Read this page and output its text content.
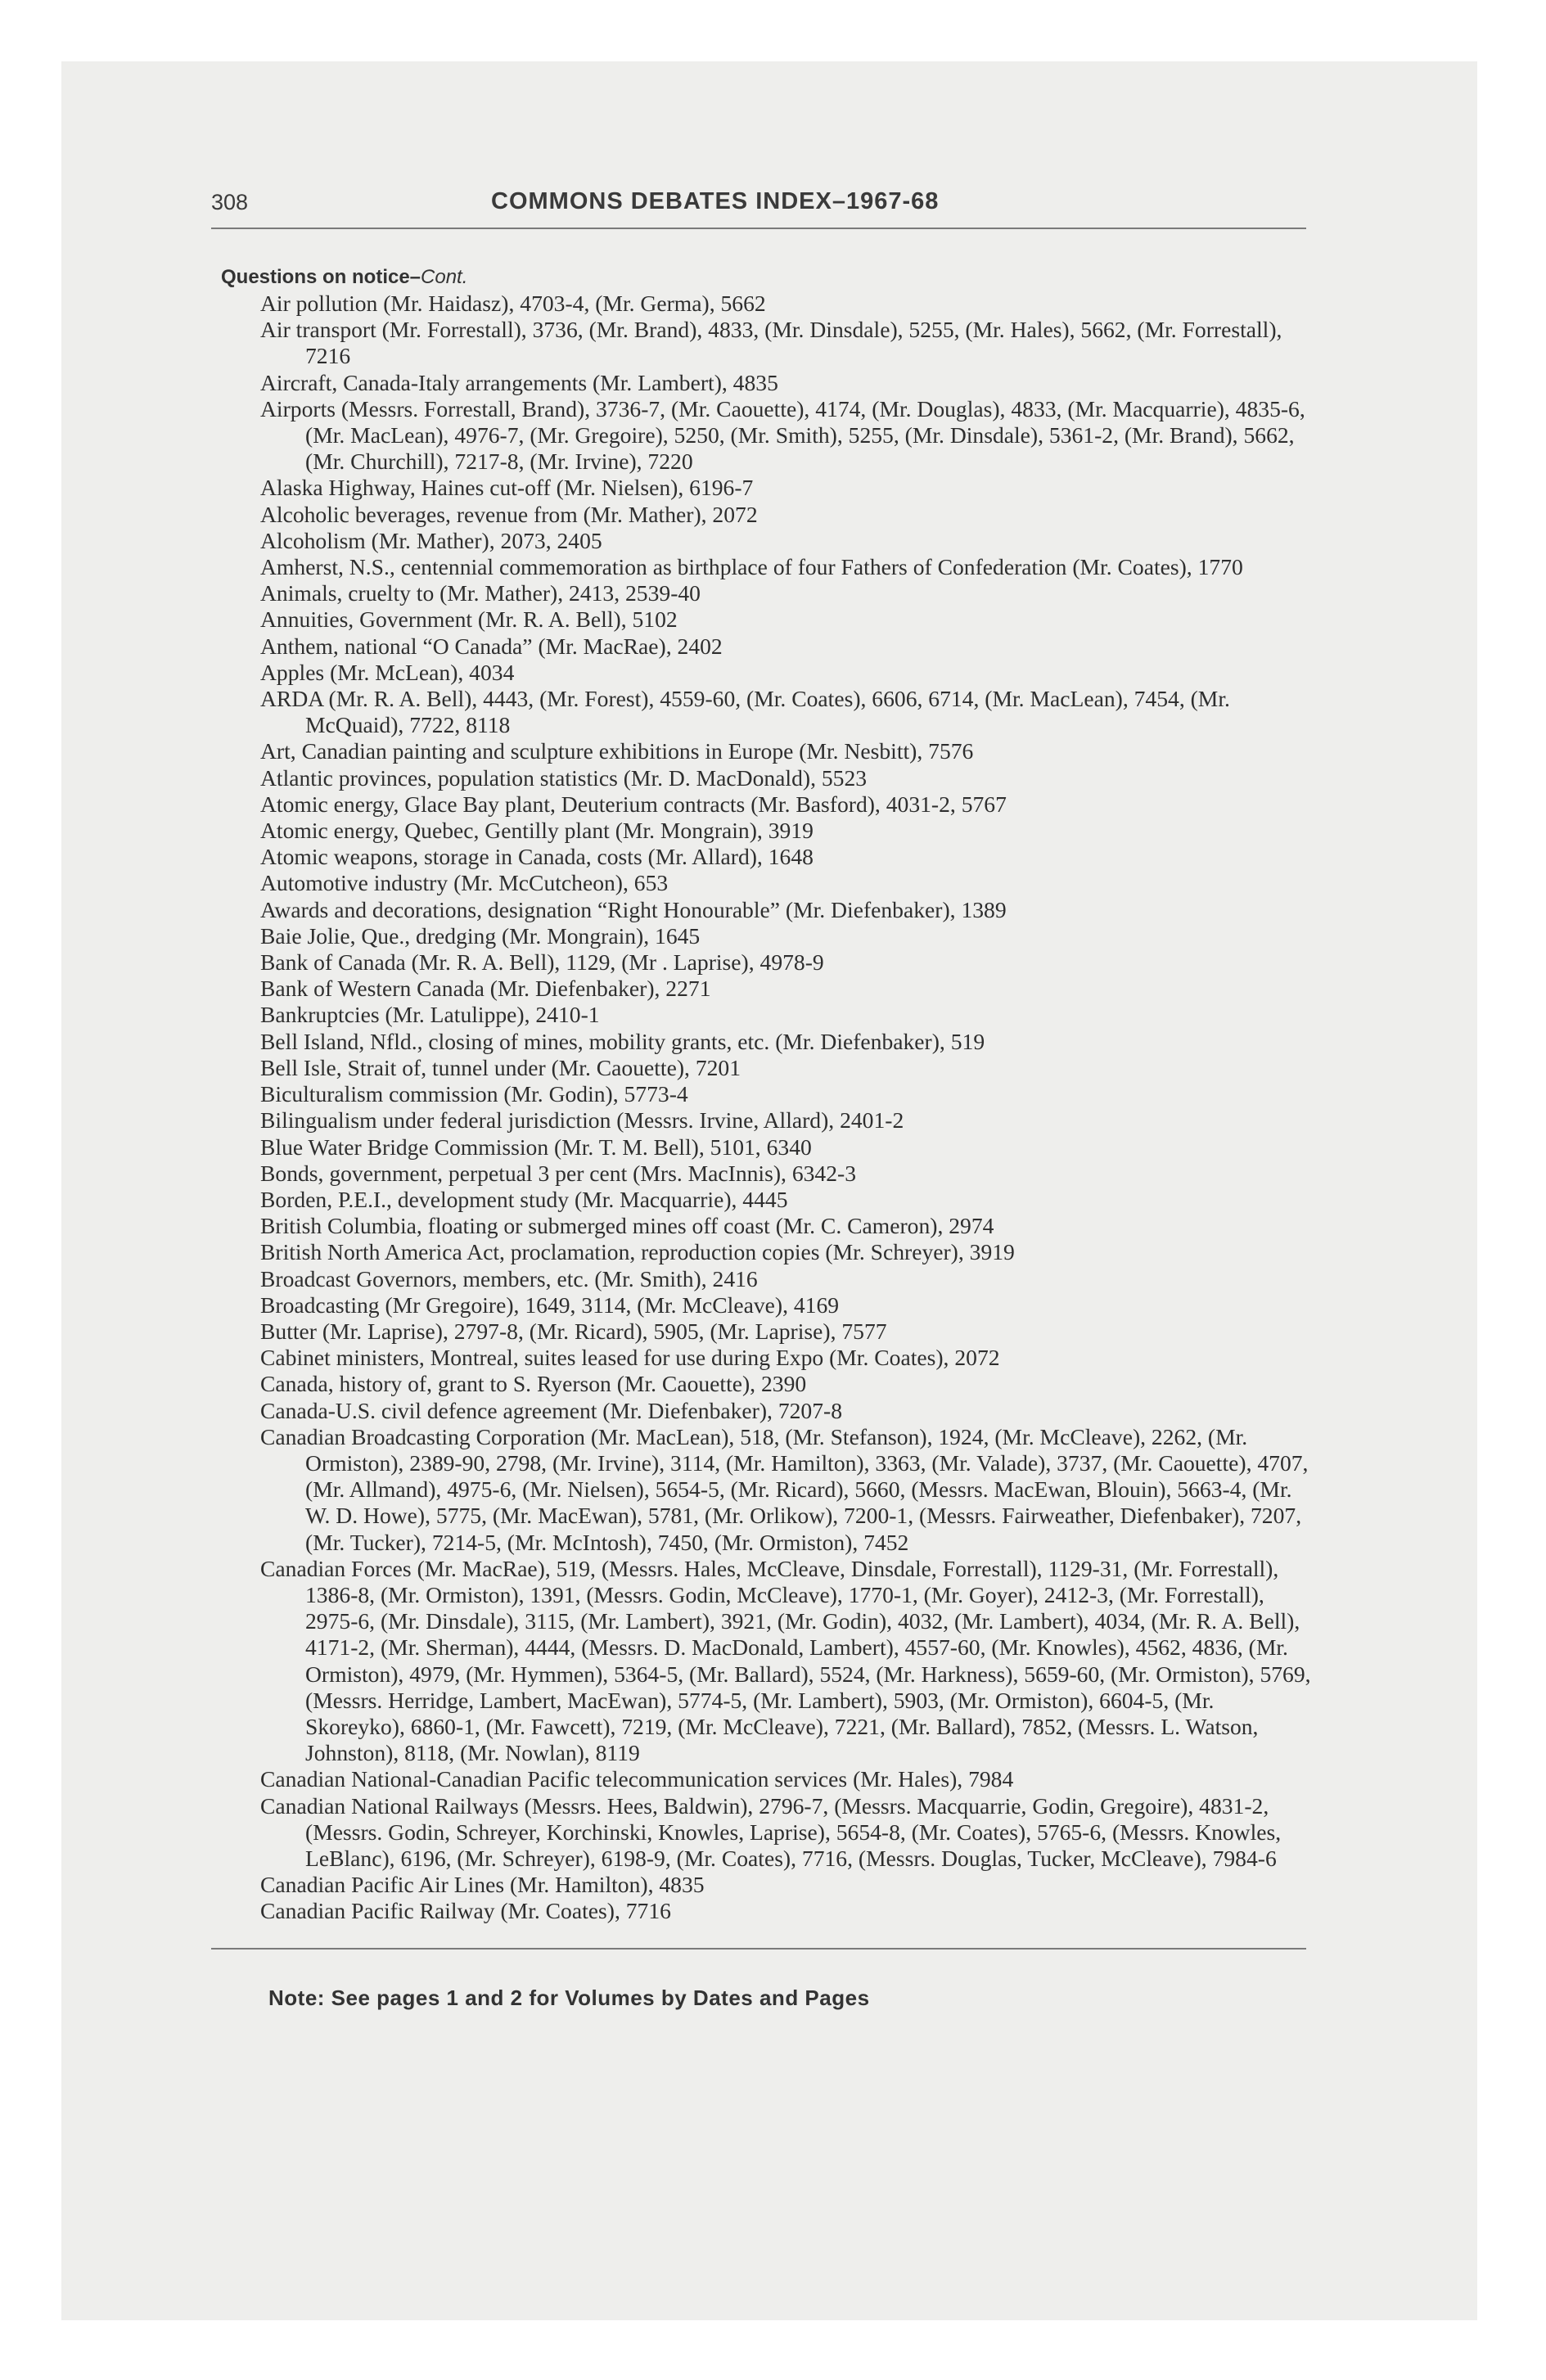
308	COMMONS DEBATES INDEX–1967-68
Questions on notice–Cont.
Air pollution (Mr. Haidasz), 4703-4, (Mr. Germa), 5662
Air transport (Mr. Forrestall), 3736, (Mr. Brand), 4833, (Mr. Dinsdale), 5255, (Mr. Hales), 5662, (Mr. Forrestall), 7216
Aircraft, Canada-Italy arrangements (Mr. Lambert), 4835
Airports (Messrs. Forrestall, Brand), 3736-7, (Mr. Caouette), 4174, (Mr. Douglas), 4833, (Mr. Macquarrie), 4835-6, (Mr. MacLean), 4976-7, (Mr. Gregoire), 5250, (Mr. Smith), 5255, (Mr. Dinsdale), 5361-2, (Mr. Brand), 5662, (Mr. Churchill), 7217-8, (Mr. Irvine), 7220
Alaska Highway, Haines cut-off (Mr. Nielsen), 6196-7
Alcoholic beverages, revenue from (Mr. Mather), 2072
Alcoholism (Mr. Mather), 2073, 2405
Amherst, N.S., centennial commemoration as birthplace of four Fathers of Confederation (Mr. Coates), 1770
Animals, cruelty to (Mr. Mather), 2413, 2539-40
Annuities, Government (Mr. R. A. Bell), 5102
Anthem, national “O Canada” (Mr. MacRae), 2402
Apples (Mr. McLean), 4034
ARDA (Mr. R. A. Bell), 4443, (Mr. Forest), 4559-60, (Mr. Coates), 6606, 6714, (Mr. MacLean), 7454, (Mr. McQuaid), 7722, 8118
Art, Canadian painting and sculpture exhibitions in Europe (Mr. Nesbitt), 7576
Atlantic provinces, population statistics (Mr. D. MacDonald), 5523
Atomic energy, Glace Bay plant, Deuterium contracts (Mr. Basford), 4031-2, 5767
Atomic energy, Quebec, Gentilly plant (Mr. Mongrain), 3919
Atomic weapons, storage in Canada, costs (Mr. Allard), 1648
Automotive industry (Mr. McCutcheon), 653
Awards and decorations, designation “Right Honourable” (Mr. Diefenbaker), 1389
Baie Jolie, Que., dredging (Mr. Mongrain), 1645
Bank of Canada (Mr. R. A. Bell), 1129, (Mr . Laprise), 4978-9
Bank of Western Canada (Mr. Diefenbaker), 2271
Bankruptcies (Mr. Latulippe), 2410-1
Bell Island, Nfld., closing of mines, mobility grants, etc. (Mr. Diefenbaker), 519
Bell Isle, Strait of, tunnel under (Mr. Caouette), 7201
Biculturalism commission (Mr. Godin), 5773-4
Bilingualism under federal jurisdiction (Messrs. Irvine, Allard), 2401-2
Blue Water Bridge Commission (Mr. T. M. Bell), 5101, 6340
Bonds, government, perpetual 3 per cent (Mrs. MacInnis), 6342-3
Borden, P.E.I., development study (Mr. Macquarrie), 4445
British Columbia, floating or submerged mines off coast (Mr. C. Cameron), 2974
British North America Act, proclamation, reproduction copies (Mr. Schreyer), 3919
Broadcast Governors, members, etc. (Mr. Smith), 2416
Broadcasting (Mr Gregoire), 1649, 3114, (Mr. McCleave), 4169
Butter (Mr. Laprise), 2797-8, (Mr. Ricard), 5905, (Mr. Laprise), 7577
Cabinet ministers, Montreal, suites leased for use during Expo (Mr. Coates), 2072
Canada, history of, grant to S. Ryerson (Mr. Caouette), 2390
Canada-U.S. civil defence agreement (Mr. Diefenbaker), 7207-8
Canadian Broadcasting Corporation (Mr. MacLean), 518, (Mr. Stefanson), 1924, (Mr. McCleave), 2262, (Mr. Ormiston), 2389-90, 2798, (Mr. Irvine), 3114, (Mr. Hamilton), 3363, (Mr. Valade), 3737, (Mr. Caouette), 4707, (Mr. Allmand), 4975-6, (Mr. Nielsen), 5654-5, (Mr. Ricard), 5660, (Messrs. MacEwan, Blouin), 5663-4, (Mr. W. D. Howe), 5775, (Mr. MacEwan), 5781, (Mr. Orlikow), 7200-1, (Messrs. Fairweather, Diefenbaker), 7207, (Mr. Tucker), 7214-5, (Mr. McIntosh), 7450, (Mr. Ormiston), 7452
Canadian Forces (Mr. MacRae), 519, (Messrs. Hales, McCleave, Dinsdale, Forrestall), 1129-31, (Mr. Forrestall), 1386-8, (Mr. Ormiston), 1391, (Messrs. Godin, McCleave), 1770-1, (Mr. Goyer), 2412-3, (Mr. Forrestall), 2975-6, (Mr. Dinsdale), 3115, (Mr. Lambert), 3921, (Mr. Godin), 4032, (Mr. Lambert), 4034, (Mr. R. A. Bell), 4171-2, (Mr. Sherman), 4444, (Messrs. D. MacDonald, Lambert), 4557-60, (Mr. Knowles), 4562, 4836, (Mr. Ormiston), 4979, (Mr. Hymmen), 5364-5, (Mr. Ballard), 5524, (Mr. Harkness), 5659-60, (Mr. Ormiston), 5769, (Messrs. Herridge, Lambert, MacEwan), 5774-5, (Mr. Lambert), 5903, (Mr. Ormiston), 6604-5, (Mr. Skoreyko), 6860-1, (Mr. Fawcett), 7219, (Mr. McCleave), 7221, (Mr. Ballard), 7852, (Messrs. L. Watson, Johnston), 8118, (Mr. Nowlan), 8119
Canadian National-Canadian Pacific telecommunication services (Mr. Hales), 7984
Canadian National Railways (Messrs. Hees, Baldwin), 2796-7, (Messrs. Macquarrie, Godin, Gregoire), 4831-2, (Messrs. Godin, Schreyer, Korchinski, Knowles, Laprise), 5654-8, (Mr. Coates), 5765-6, (Messrs. Knowles, LeBlanc), 6196, (Mr. Schreyer), 6198-9, (Mr. Coates), 7716, (Messrs. Douglas, Tucker, McCleave), 7984-6
Canadian Pacific Air Lines (Mr. Hamilton), 4835
Canadian Pacific Railway (Mr. Coates), 7716
Note: See pages 1 and 2 for Volumes by Dates and Pages
